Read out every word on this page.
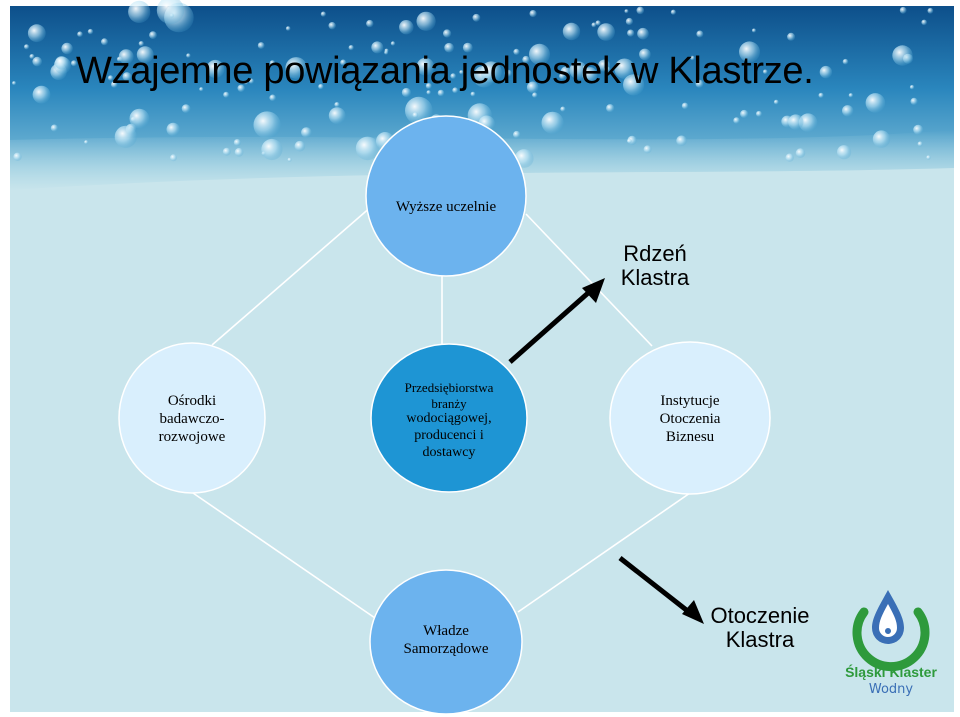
Wzajemne powiązania jednostek w Klastrze.
Wyższe uczelnie
Ośrodki
badawczo-
rozwojowe
Przedsiębiorstwa
branży
wodociągowej,
producenci i
dostawcy
Instytucje
Otoczenia
Biznesu
Władze
Samorządowe
Rdzeń
Klastra
Otoczenie
Klastra
Śląski Klaster
Wodny
